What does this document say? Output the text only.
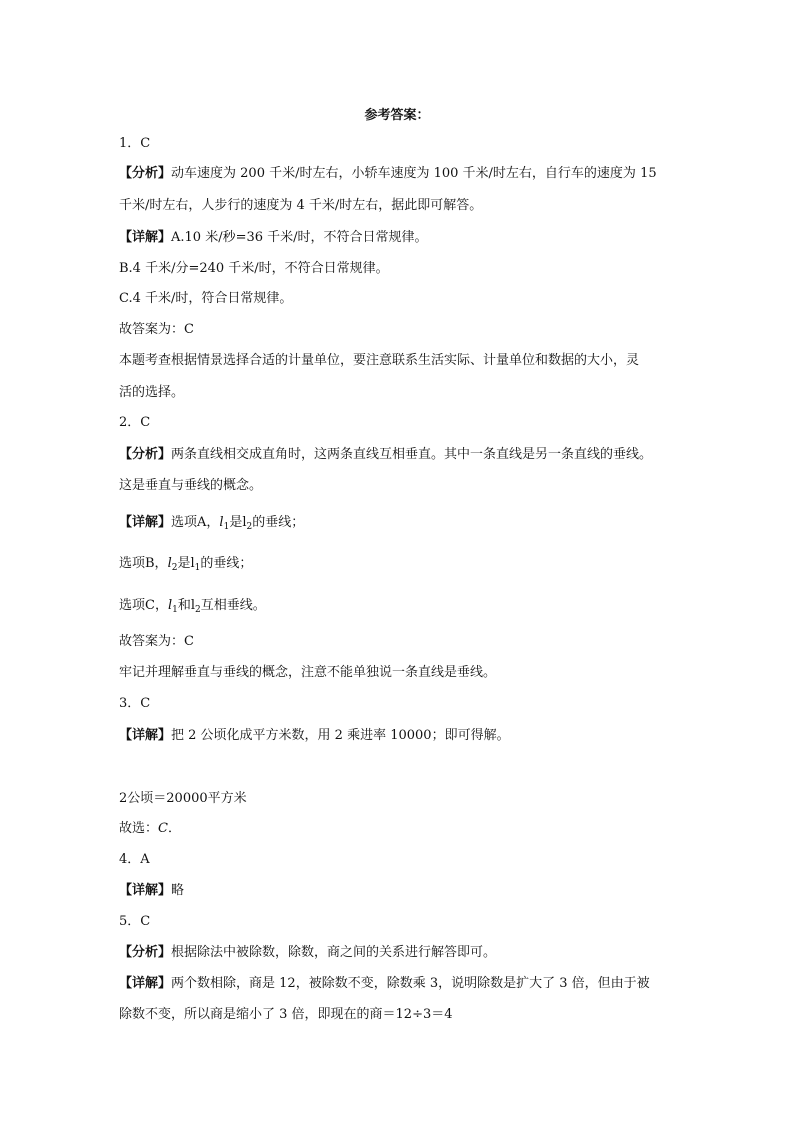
参考答案：
1．C
【分析】动车速度为 200 千米/时左右，小轿车速度为 100 千米/时左右，自行车的速度为 15
千米/时左右，人步行的速度为 4 千米/时左右，据此即可解答。
【详解】A.10 米/秒=36 千米/时，不符合日常规律。
B.4 千米/分=240 千米/时，不符合日常规律。
C.4 千米/时，符合日常规律。
故答案为：C
本题考查根据情景选择合适的计量单位，要注意联系生活实际、计量单位和数据的大小，灵
活的选择。
2．C
【分析】两条直线相交成直角时，这两条直线互相垂直。其中一条直线是另一条直线的垂线。
这是垂直与垂线的概念。
【详解】选项A，$l_1$是$l_2$的垂线；
选项B，$l_2$是$l_1$的垂线；
选项C，$l_1$和$l_2$互相垂线。
故答案为：C
牢记并理解垂直与垂线的概念，注意不能单独说一条直线是垂线。
3．C
【详解】把 2 公顷化成平方米数，用 2 乘进率 10000；即可得解。
2公顷＝20000平方米
故选：C．
4．A
【详解】略
5．C
【分析】根据除法中被除数，除数，商之间的关系进行解答即可。
【详解】两个数相除，商是 12，被除数不变，除数乘 3，说明除数是扩大了 3 倍，但由于被
除数不变，所以商是缩小了 3 倍，即现在的商＝12÷3＝4
